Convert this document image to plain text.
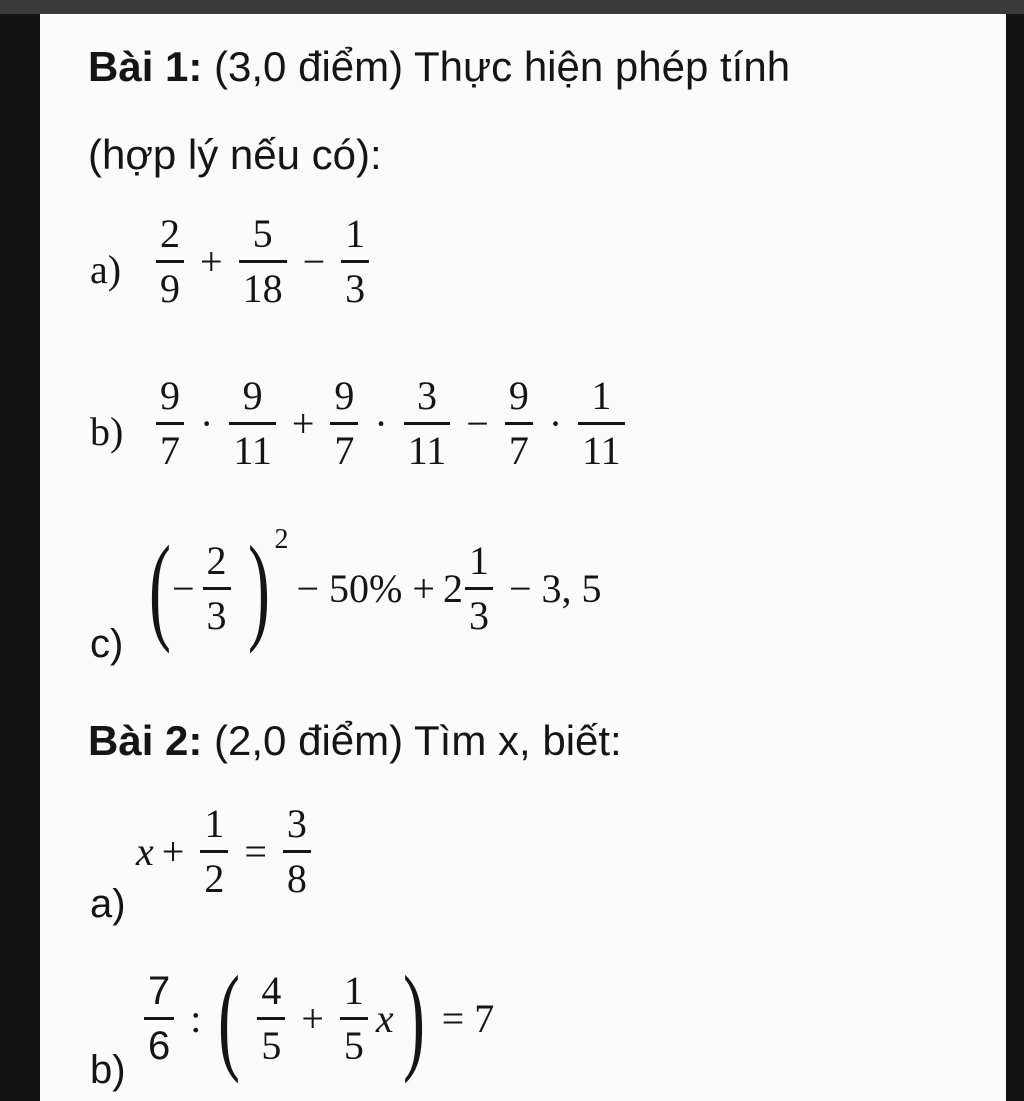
Bài 1: (3,0 điểm) Thực hiện phép tính
(hợp lý nếu có):
$a) \frac{2}{9} + \frac{5}{18} - \frac{1}{3}$
$b) \frac{9}{7} \cdot \frac{9}{11} + \frac{9}{7} \cdot \frac{3}{11} - \frac{9}{7} \cdot \frac{1}{11}$
c) ( − $\frac{2}{3}$ ) 2
− $50\% + 2 \frac{1}{3} - 3$, 5
Bài 2: (2,0 điểm) Tìm x, biết:
a)
$x + \frac{1}{2} = \frac{3}{8}$
b)
$\frac{7}{6}$ : ( $\frac{4}{5} + \frac{1}{5}$ x ) = 7
